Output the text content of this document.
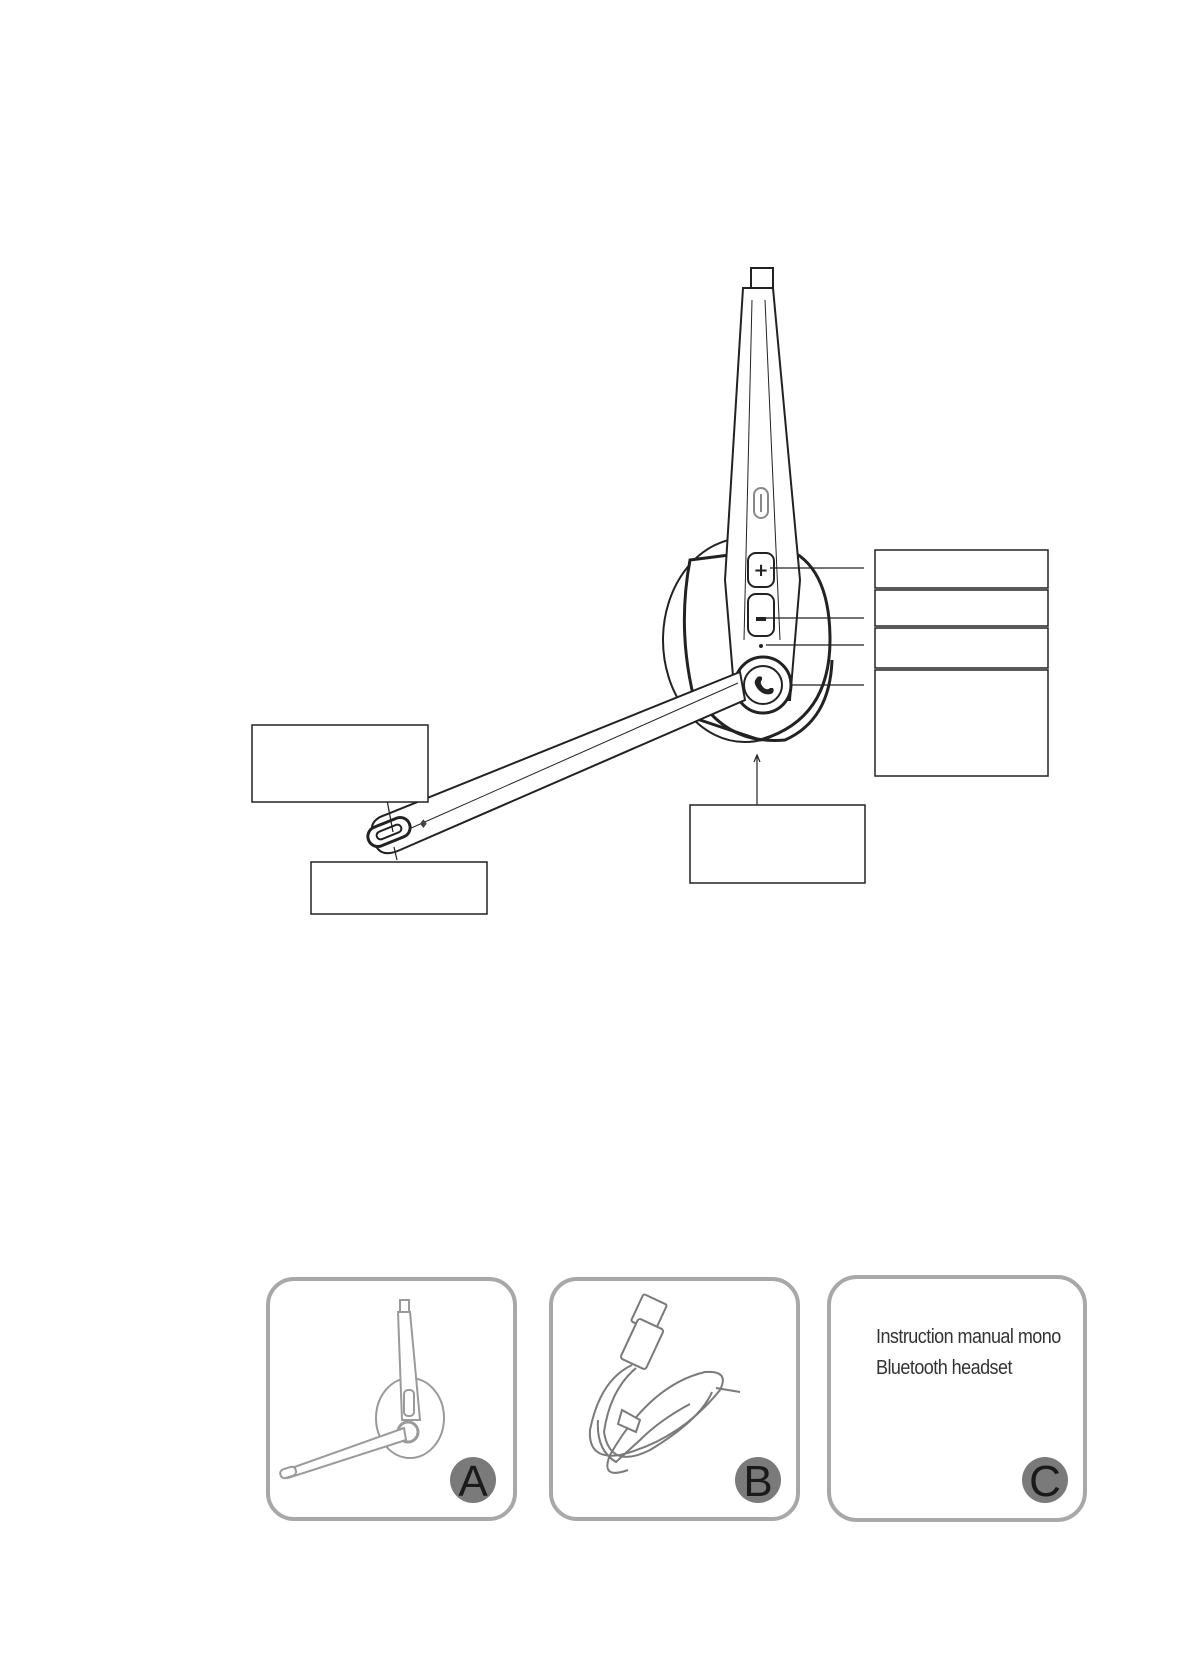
+
♦
A	B	C
Instruction manual mono
Bluetooth headset
